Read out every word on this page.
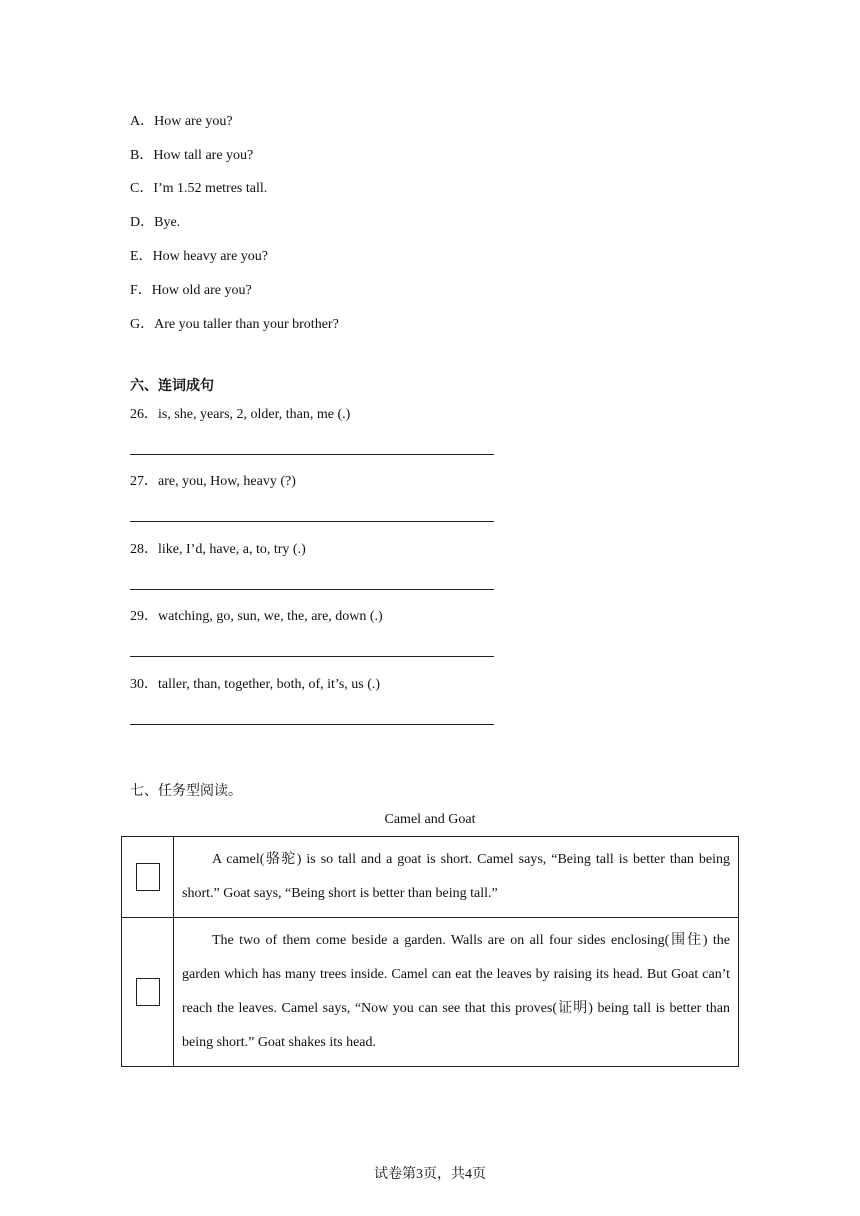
A．How are you?
B．How tall are you?
C．I’m 1.52 metres tall.
D．Bye.
E．How heavy are you?
F．How old are you?
G．Are you taller than your brother?
六、连词成句
26．is, she, years, 2, older, than, me (.)
27．are, you, How, heavy (?)
28．like, I’d, have, a, to, try (.)
29．watching, go, sun, we, the, are, down (.)
30．taller, than, together, both, of, it’s, us (.)
七、任务型阅读。
Camel and Goat
	A camel(骆驼) is so tall and a goat is short. Camel says, “Being tall is better than being short.” Goat says, “Being short is better than being tall.”
	The two of them come beside a garden. Walls are on all four sides enclosing(围住) the garden which has many trees inside. Camel can eat the leaves by raising its head. But Goat can’t reach the leaves. Camel says, “Now you can see that this proves(证明) being tall is better than being short.” Goat shakes its head.
试卷第3页，共4页
